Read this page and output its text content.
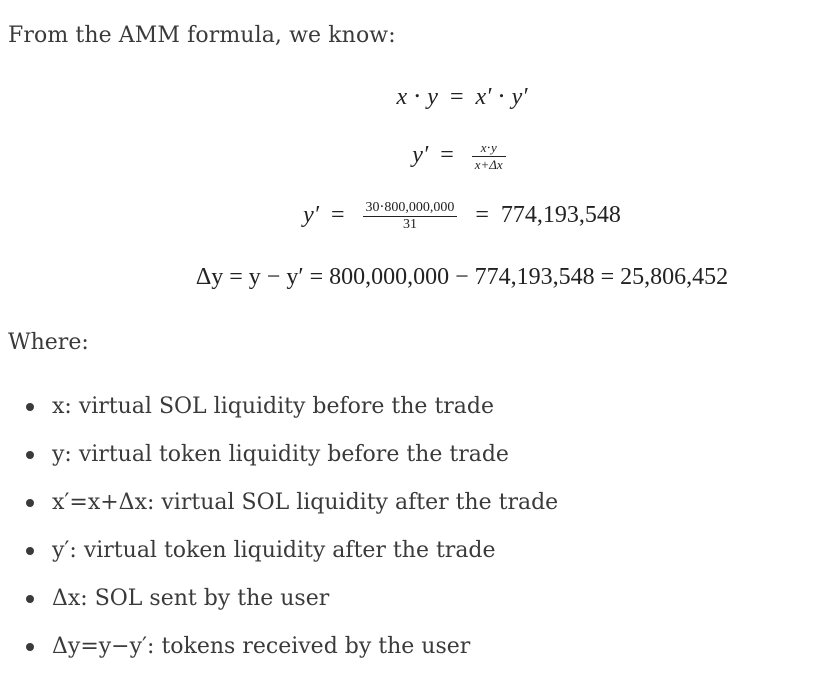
From the AMM formula, we know:

x ⋅ y = x′ ⋅ y′
$y' = \frac{x\cdot y}{x+\Delta x}$
$y' = \frac{30\cdot 800,000,000}{31} = 774,193,548$
Δy = y − y′ = 800,000,000 − 774,193,548 = 25,806,452

Where:

x: virtual SOL liquidity before the trade
y: virtual token liquidity before the trade
x′=x+Δx: virtual SOL liquidity after the trade
y′: virtual token liquidity after the trade
Δx: SOL sent by the user
Δy=y−y′: tokens received by the user
